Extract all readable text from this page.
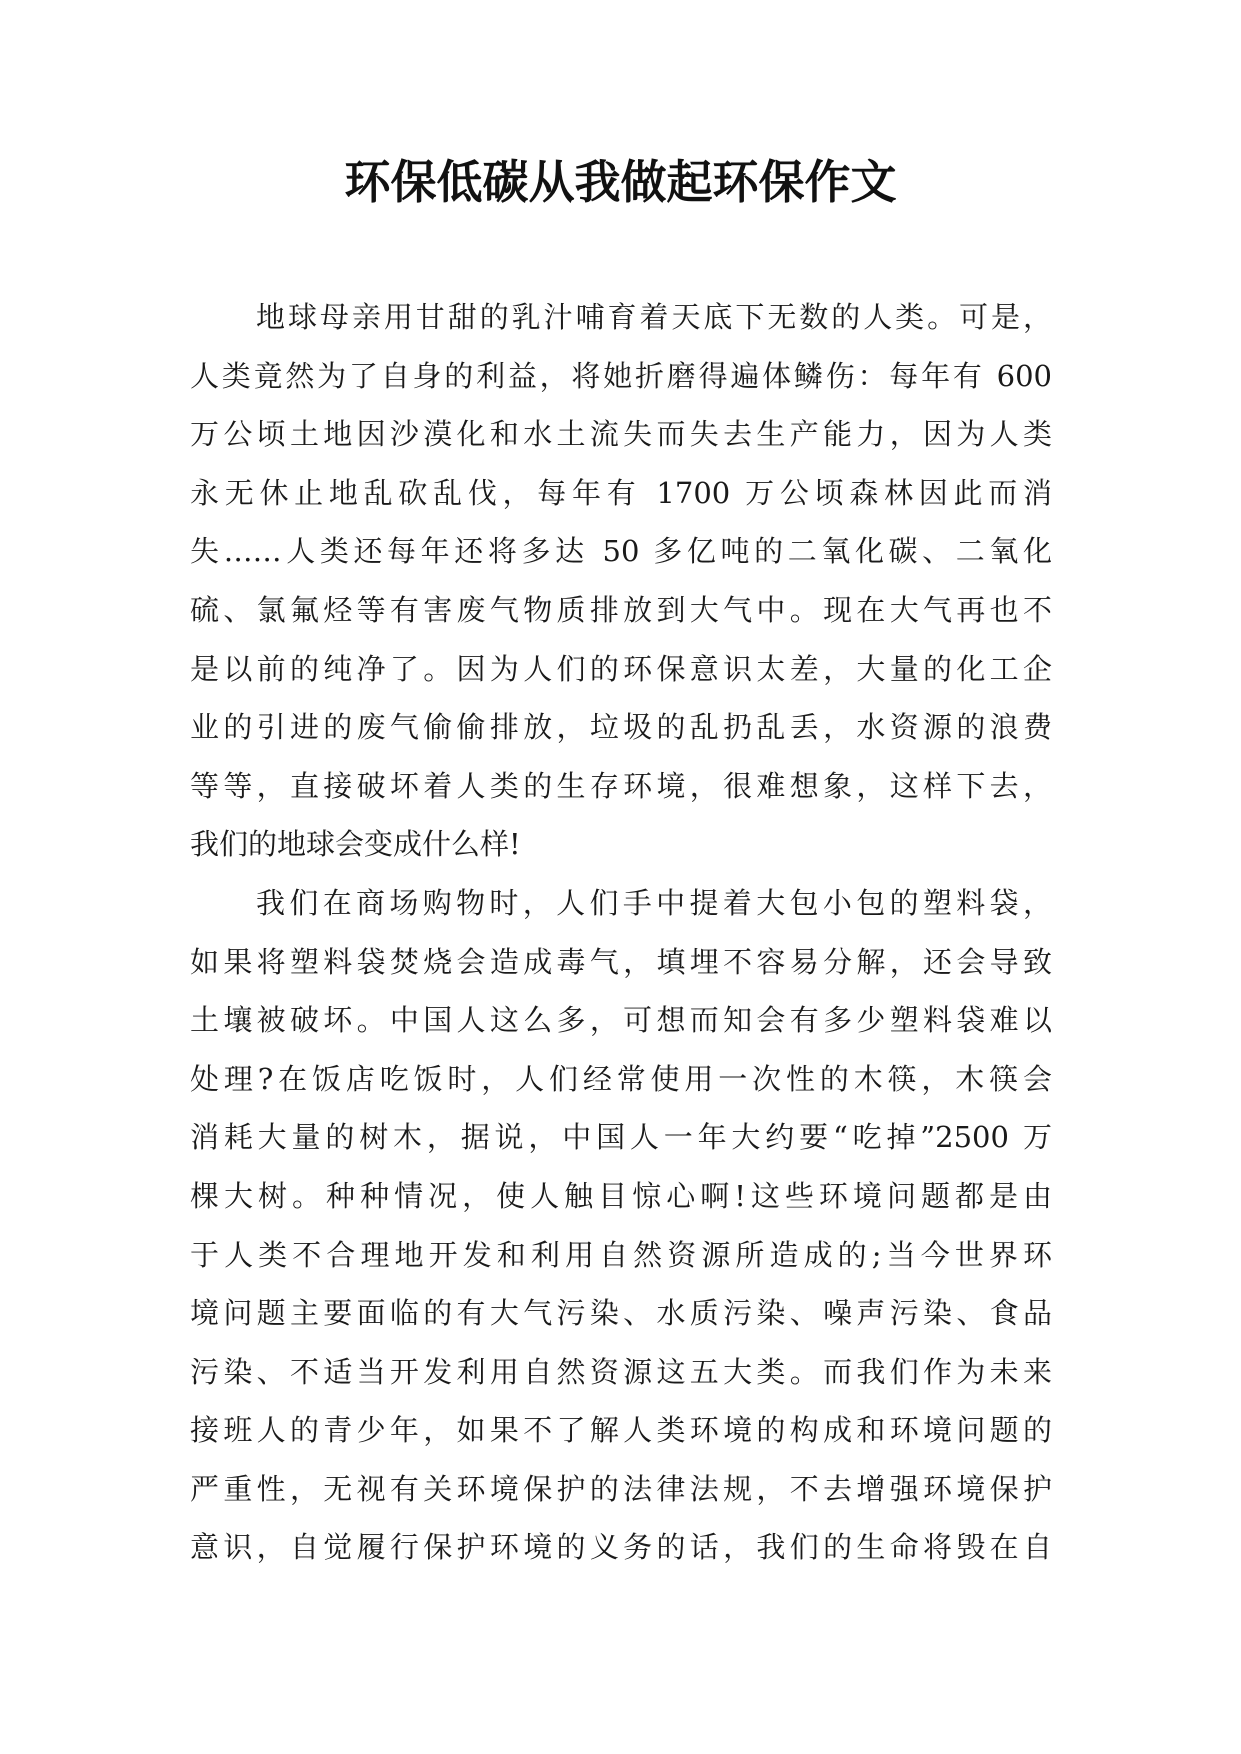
环保低碳从我做起环保作文
地球母亲用甘甜的乳汁哺育着天底下无数的人类。可是，
人类竟然为了自身的利益，将她折磨得遍体鳞伤：每年有 600
万公顷土地因沙漠化和水土流失而失去生产能力，因为人类
永无休止地乱砍乱伐，每年有 1700 万公顷森林因此而消
失……人类还每年还将多达 50 多亿吨的二氧化碳、二氧化
硫、氯氟烃等有害废气物质排放到大气中。现在大气再也不
是以前的纯净了。因为人们的环保意识太差，大量的化工企
业的引进的废气偷偷排放，垃圾的乱扔乱丢，水资源的浪费
等等，直接破坏着人类的生存环境，很难想象，这样下去，
我们的地球会变成什么样!
我们在商场购物时，人们手中提着大包小包的塑料袋，
如果将塑料袋焚烧会造成毒气，填埋不容易分解，还会导致
土壤被破坏。中国人这么多，可想而知会有多少塑料袋难以
处理?在饭店吃饭时，人们经常使用一次性的木筷，木筷会
消耗大量的树木，据说，中国人一年大约要“吃掉”2500 万
棵大树。种种情况，使人触目惊心啊!这些环境问题都是由
于人类不合理地开发和利用自然资源所造成的;当今世界环
境问题主要面临的有大气污染、水质污染、噪声污染、食品
污染、不适当开发利用自然资源这五大类。而我们作为未来
接班人的青少年，如果不了解人类环境的构成和环境问题的
严重性，无视有关环境保护的法律法规，不去增强环境保护
意识，自觉履行保护环境的义务的话，我们的生命将毁在自
